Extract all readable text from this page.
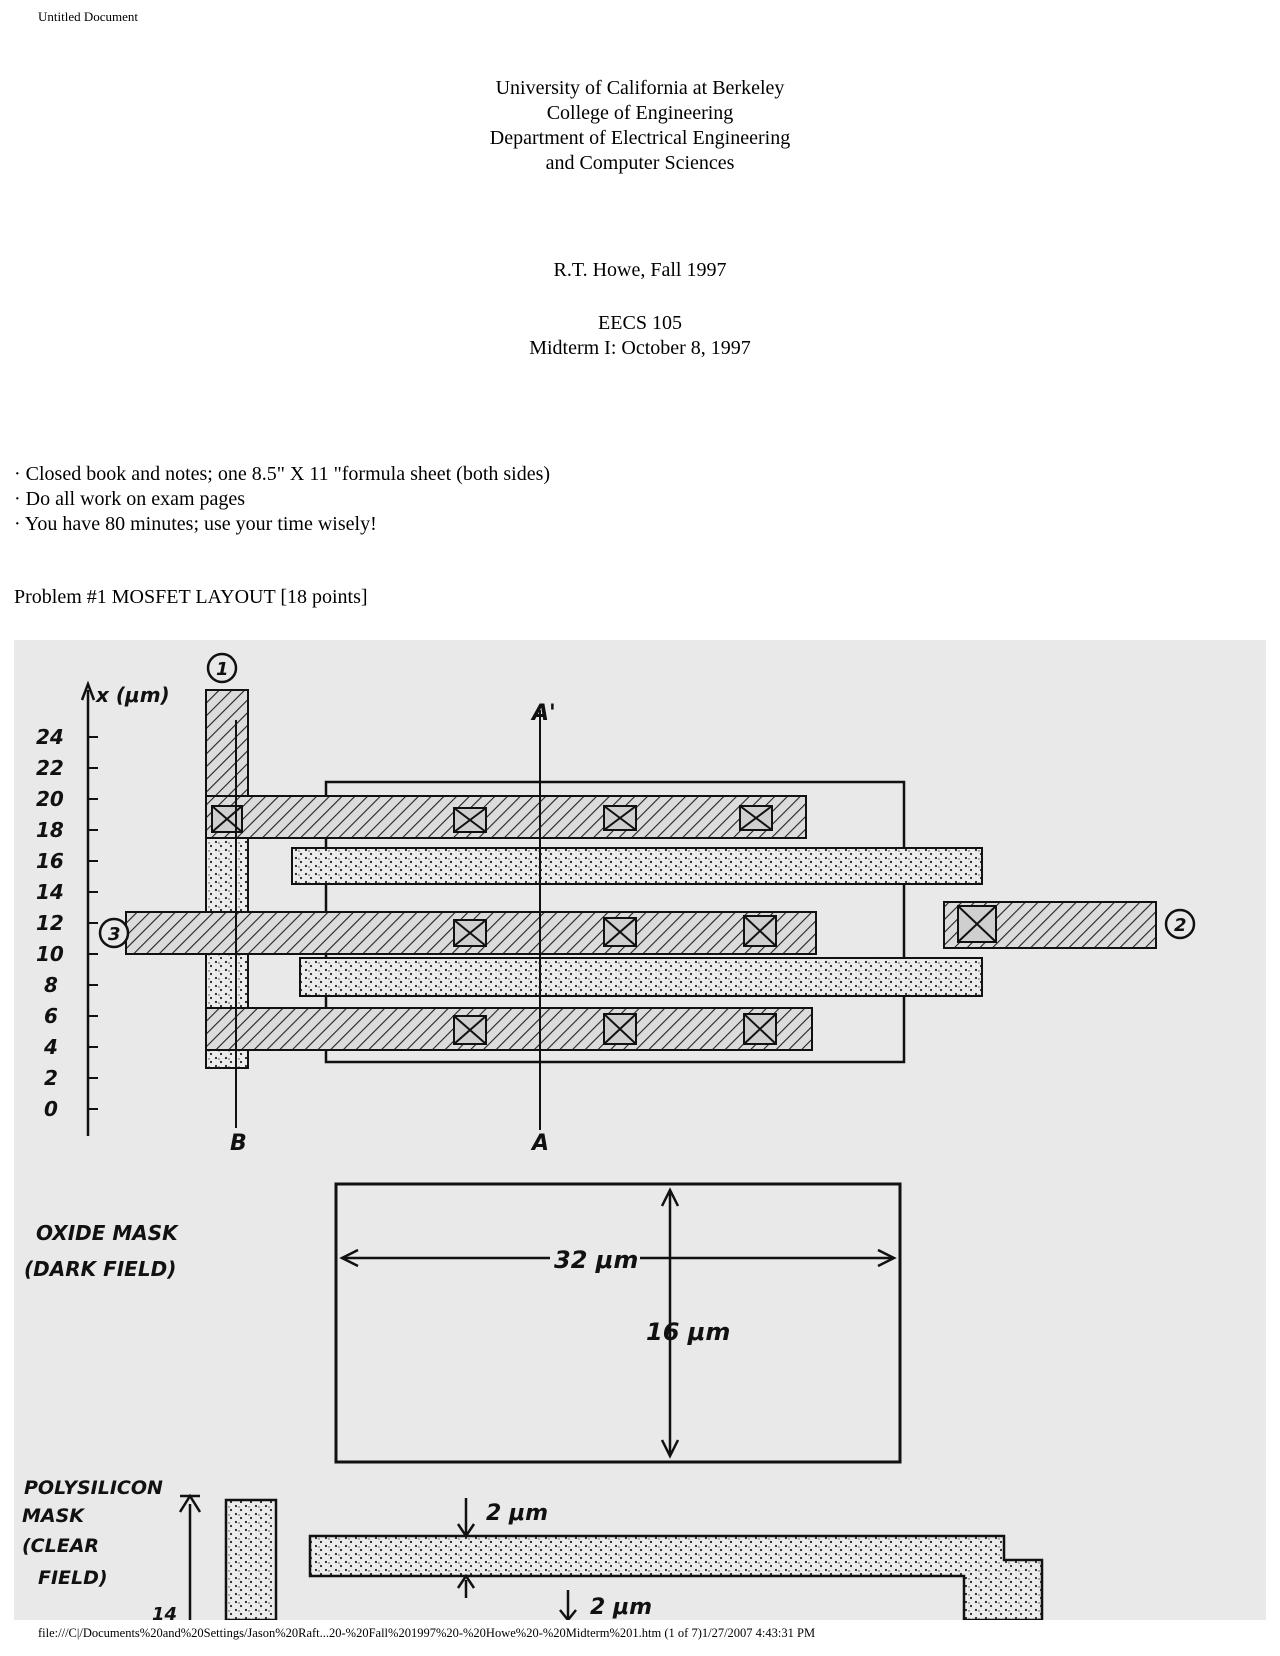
Untitled Document
University of California at Berkeley
College of Engineering
Department of Electrical Engineering
and Computer Sciences
R.T. Howe, Fall 1997
EECS 105
Midterm I: October 8, 1997
· Closed book and notes; one 8.5" X 11 "formula sheet (both sides)
· Do all work on exam pages
· You have 80 minutes; use your time wisely!
Problem #1 MOSFET LAYOUT [18 points]
x (μm)
24
22
20
18
16
14
12
10
8
6
4
2
0
1
2
3
A'
A
B
OXIDE MASK
(DARK FIELD)	32 μm
16 μm
POLYSILICON
MASK
(CLEAR
FIELD)
14
2 μm
2 μm
file:///C|/Documents%20and%20Settings/Jason%20Raft...20-%20Fall%201997%20-%20Howe%20-%20Midterm%201.htm (1 of 7)1/27/2007 4:43:31 PM
